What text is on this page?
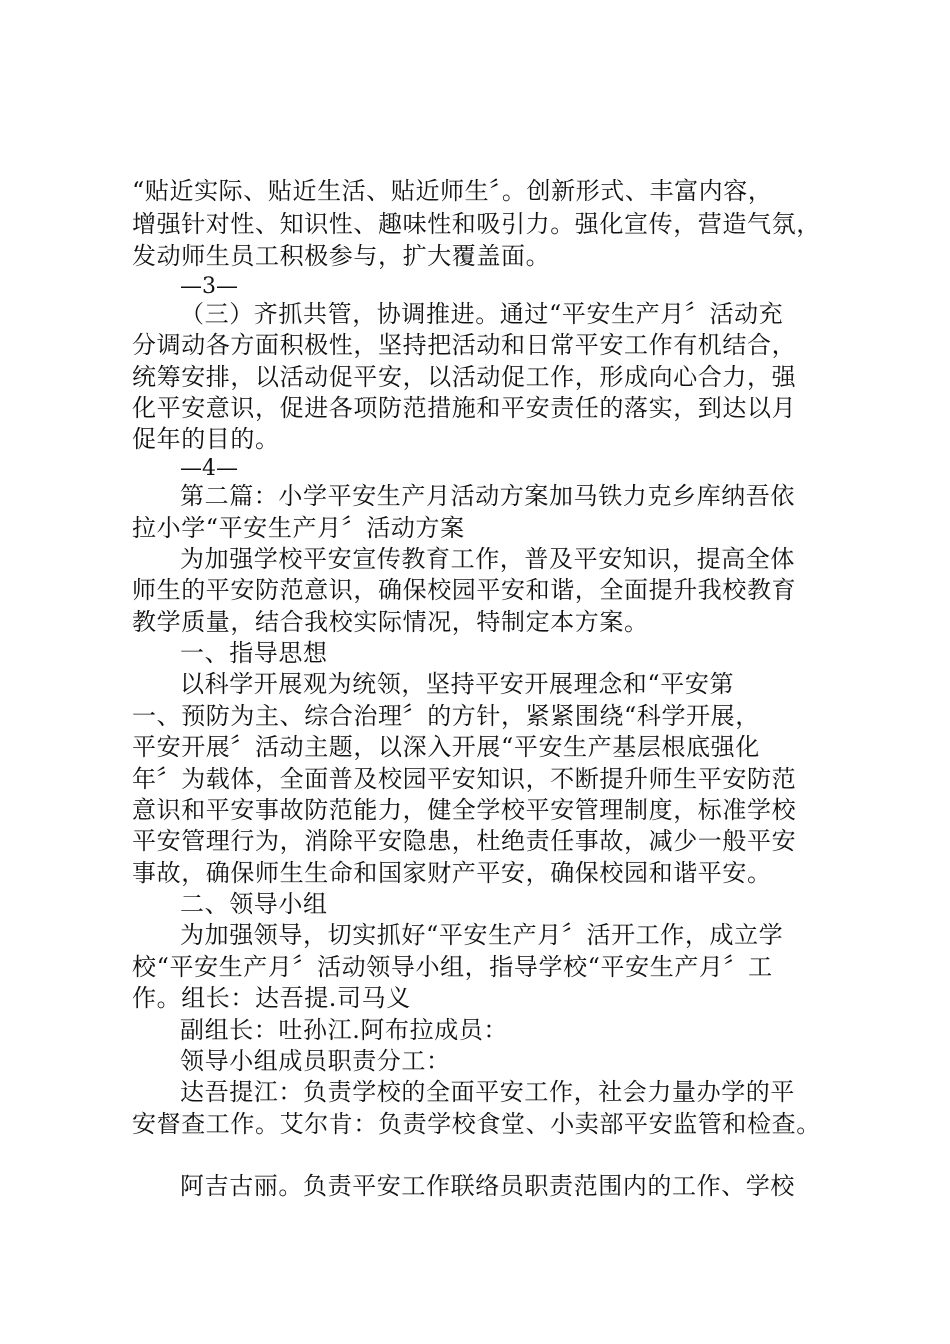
“贴近实际、贴近生活、贴近师生〞。创新形式、丰富内容，
增强针对性、知识性、趣味性和吸引力。强化宣传，营造气氛，
发动师生员工积极参与，扩大覆盖面。
—3—
（三）齐抓共管，协调推进。通过“平安生产月〞活动充
分调动各方面积极性，坚持把活动和日常平安工作有机结合，
统筹安排，以活动促平安，以活动促工作，形成向心合力，强
化平安意识，促进各项防范措施和平安责任的落实，到达以月
促年的目的。
—4—
第二篇：小学平安生产月活动方案加马铁力克乡库纳吾依
拉小学“平安生产月〞活动方案
为加强学校平安宣传教育工作，普及平安知识，提高全体
师生的平安防范意识，确保校园平安和谐，全面提升我校教育
教学质量，结合我校实际情况，特制定本方案。
一、指导思想
以科学开展观为统领，坚持平安开展理念和“平安第
一、预防为主、综合治理〞的方针，紧紧围绕“科学开展，
平安开展〞活动主题，以深入开展“平安生产基层根底强化
年〞为载体，全面普及校园平安知识，不断提升师生平安防范
意识和平安事故防范能力，健全学校平安管理制度，标准学校
平安管理行为，消除平安隐患，杜绝责任事故，减少一般平安
事故，确保师生生命和国家财产平安，确保校园和谐平安。
二、领导小组
为加强领导，切实抓好“平安生产月〞活开工作，成立学
校“平安生产月〞活动领导小组，指导学校“平安生产月〞工
作。组长：达吾提.司马义
副组长：吐孙江.阿布拉成员：
领导小组成员职责分工：
达吾提江：负责学校的全面平安工作，社会力量办学的平
安督查工作。艾尔肯：负责学校食堂、小卖部平安监管和检查。
阿吉古丽。负责平安工作联络员职责范围内的工作、学校
